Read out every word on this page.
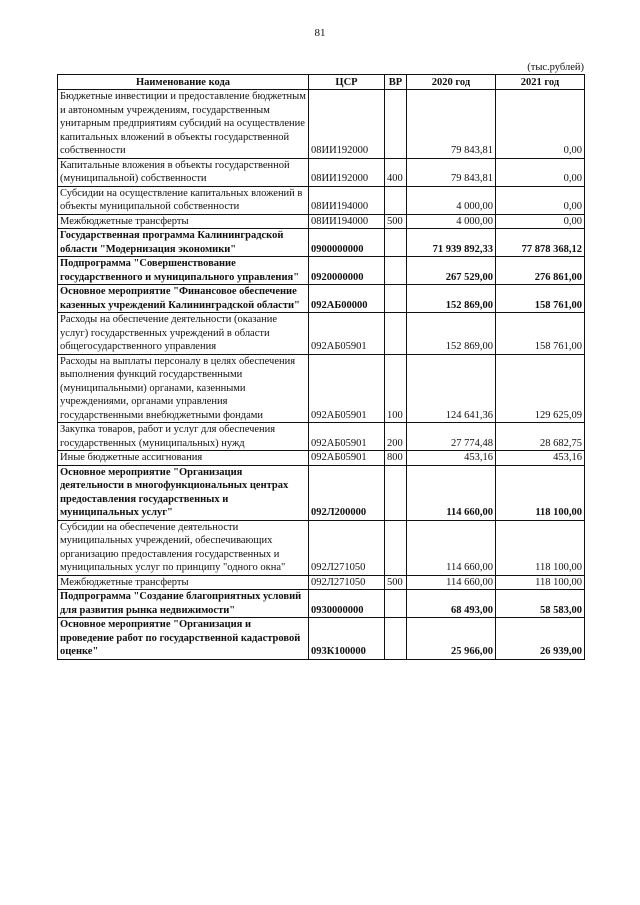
81
(тыс.рублей)
Наименование кода	ЦСР	ВР	2020 год	2021 год
Бюджетные инвестиции и предоставление бюджетным и автономным учреждениям, государственным унитарным предприятиям субсидий на осуществление капитальных вложений в объекты государственной собственности	08ИИ192000		79 843,81	0,00
Капитальные вложения в объекты государственной (муниципальной) собственности	08ИИ192000	400	79 843,81	0,00
Субсидии на осуществление капитальных вложений в объекты муниципальной собственности	08ИИ194000		4 000,00	0,00
Межбюджетные трансферты	08ИИ194000	500	4 000,00	0,00
Государственная программа Калининградской области "Модернизация экономики"	0900000000		71 939 892,33	77 878 368,12
Подпрограмма "Совершенствование государственного и муниципального управления"	0920000000		267 529,00	276 861,00
Основное мероприятие "Финансовое обеспечение казенных учреждений Калининградской области"	092АБ00000		152 869,00	158 761,00
Расходы на обеспечение деятельности (оказание услуг) государственных учреждений в области общегосударственного управления	092АБ05901		152 869,00	158 761,00
Расходы на выплаты персоналу в целях обеспечения выполнения функций государственными (муниципальными) органами, казенными учреждениями, органами управления государственными внебюджетными фондами	092АБ05901	100	124 641,36	129 625,09
Закупка товаров, работ и услуг для обеспечения государственных (муниципальных) нужд	092АБ05901	200	27 774,48	28 682,75
Иные бюджетные ассигнования	092АБ05901	800	453,16	453,16
Основное мероприятие "Организация деятельности в многофункциональных центрах предоставления государственных и муниципальных услуг"	092Л200000		114 660,00	118 100,00
Субсидии на обеспечение деятельности муниципальных учреждений, обеспечивающих организацию предоставления государственных и муниципальных услуг по принципу "одного окна"	092Л271050		114 660,00	118 100,00
Межбюджетные трансферты	092Л271050	500	114 660,00	118 100,00
Подпрограмма "Создание благоприятных условий для развития рынка недвижимости"	0930000000		68 493,00	58 583,00
Основное мероприятие "Организация и проведение работ по государственной кадастровой оценке"	093К100000		25 966,00	26 939,00
